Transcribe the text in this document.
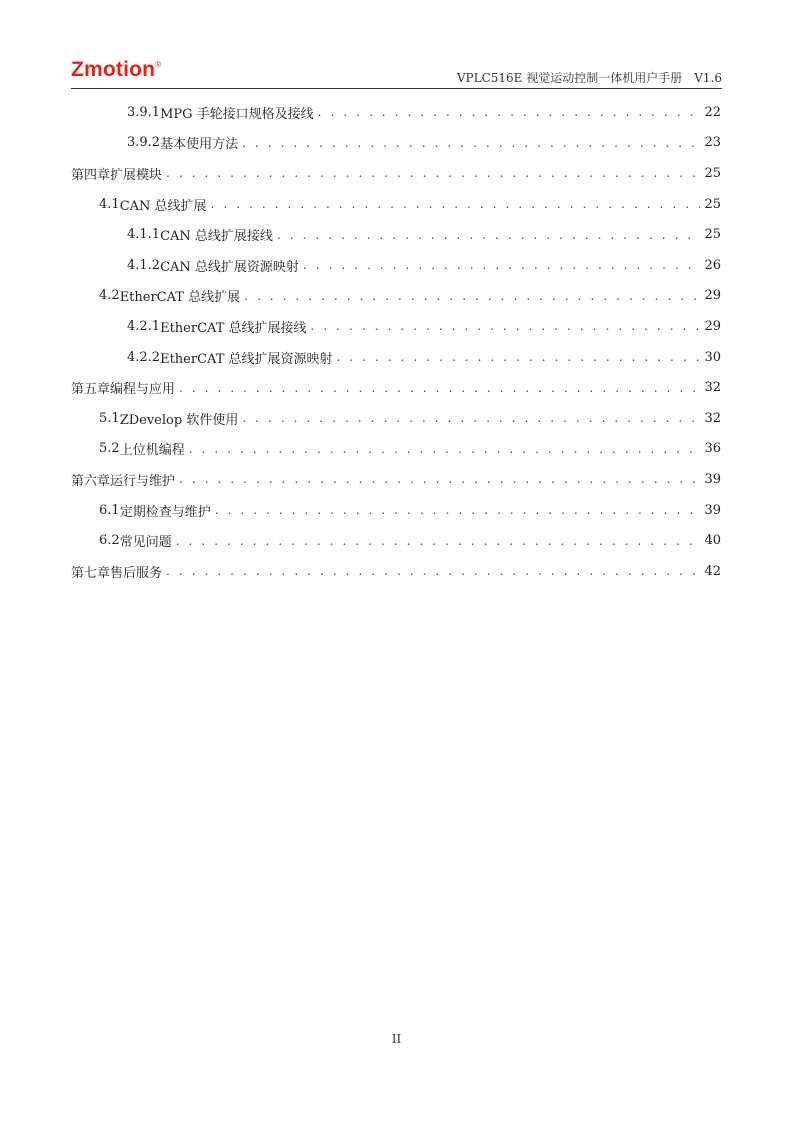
Zmotion®
VPLC516E 视觉运动控制一体机用户手册　V1.6
3.9.1 MPG 手轮接口规格及接线 . . .	22
3.9.2 基本使用方法 . . .	23
第四章 扩展模块 . . .	25
4.1 CAN 总线扩展 . . .	25
4.1.1 CAN 总线扩展接线 . . .	25
4.1.2 CAN 总线扩展资源映射 . . .	26
4.2 EtherCAT 总线扩展 . . .	29
4.2.1 EtherCAT 总线扩展接线 . . .	29
4.2.2 EtherCAT 总线扩展资源映射 . . .	30
第五章 编程与应用 . . .	32
5.1 ZDevelop 软件使用 . . .	32
5.2 上位机编程 . . .	36
第六章 运行与维护 . . .	39
6.1 定期检查与维护 . . .	39
6.2 常见问题 . . .	40
第七章 售后服务 . . .	42
II
